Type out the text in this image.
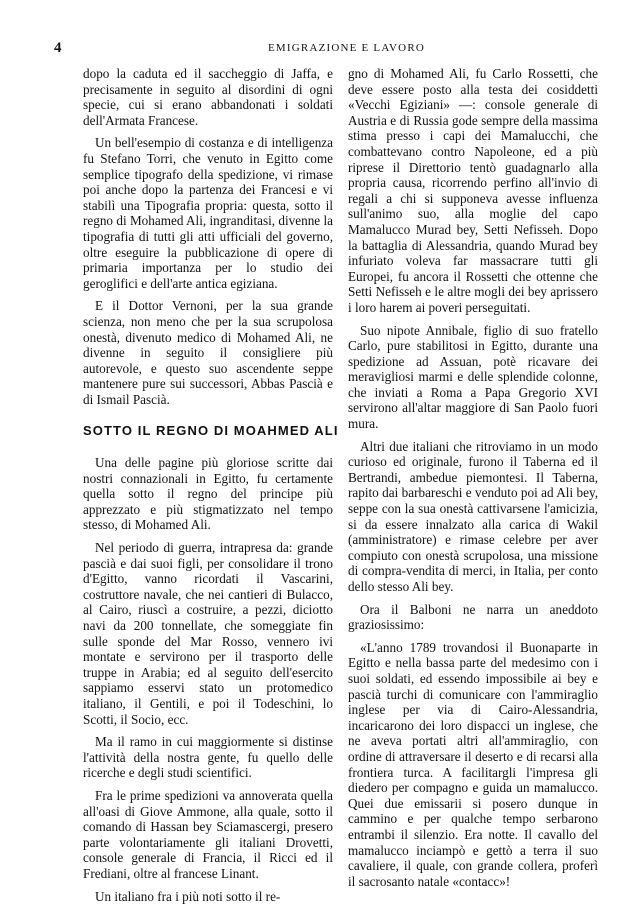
4	EMIGRAZIONE E LAVORO

dopo la caduta ed il saccheggio di Jaffa, e precisamente in seguito al disordini di ogni specie, cui si erano abbandonati i soldati dell'Armata Francese.

Un bell'esempio di costanza e di intelligenza fu Stefano Torri, che venuto in Egitto come semplice tipografo della spedizione, vi rimase poi anche dopo la partenza dei Francesi e vi stabilì una Tipografia propria: questa, sotto il regno di Mohamed Ali, ingranditasi, divenne la tipografia di tutti gli atti ufficiali del governo, oltre eseguire la pubblicazione di opere di primaria importanza per lo studio dei geroglifici e dell'arte antica egiziana.

E il Dottor Vernoni, per la sua grande scienza, non meno che per la sua scrupolosa onestà, divenuto medico di Mohamed Ali, ne divenne in seguito il consigliere più autorevole, e questo suo ascendente seppe mantenere pure sui successori, Abbas Pascià e di Ismail Pascià.

SOTTO IL REGNO DI MOAHMED ALI

Una delle pagine più gloriose scritte dai nostri connazionali in Egitto, fu certamente quella sotto il regno del principe più apprezzato e più stigmatizzato nel tempo stesso, di Mohamed Ali.

Nel periodo di guerra, intrapresa da: grande pascià e dai suoi figli, per consolidare il trono d'Egitto, vanno ricordati il Vascarini, costruttore navale, che nei cantieri di Bulacco, al Cairo, riuscì a costruire, a pezzi, diciotto navi da 200 tonnellate, che someggiate fin sulle sponde del Mar Rosso, vennero ivi montate e servirono per il trasporto delle truppe in Arabia; ed al seguito dell'esercito sappiamo esservi stato un protomedico italiano, il Gentili, e poi il Todeschini, lo Scotti, il Socio, ecc.

Ma il ramo in cui maggiormente si distinse l'attività della nostra gente, fu quello delle ricerche e degli studi scientifici.

Fra le prime spedizioni va annoverata quella all'oasi di Giove Ammone, alla quale, sotto il comando di Hassan bey Sciamascergi, presero parte volontariamente gli italiani Drovetti, console generale di Francia, il Ricci ed il Frediani, oltre al francese Linant.

Un italiano fra i più noti sotto il re-

gno di Mohamed Ali, fu Carlo Rossetti, che deve essere posto alla testa dei cosiddetti «Vecchi Egiziani» —: console generale di Austria e di Russia gode sempre della massima stima presso i capi dei Mamalucchi, che combattevano contro Napoleone, ed a più riprese il Direttorio tentò guadagnarlo alla propria causa, ricorrendo perfino all'invio di regali a chi si supponeva avesse influenza sull'animo suo, alla moglie del capo Mamalucco Murad bey, Setti Nefisseh. Dopo la battaglia di Alessandria, quando Murad bey infuriato voleva far massacrare tutti gli Europei, fu ancora il Rossetti che ottenne che Setti Nefisseh e le altre mogli dei bey aprissero i loro harem ai poveri perseguitati.

Suo nipote Annibale, figlio di suo fratello Carlo, pure stabilitosi in Egitto, durante una spedizione ad Assuan, potè ricavare dei meravigliosi marmi e delle splendide colonne, che inviati a Roma a Papa Gregorio XVI servirono all'altar maggiore di San Paolo fuori mura.

Altri due italiani che ritroviamo in un modo curioso ed originale, furono il Taberna ed il Bertrandi, ambedue piemontesi. Il Taberna, rapito dai barbareschi e venduto poi ad Ali bey, seppe con la sua onestà cattivarsene l'amicizia, si da essere innalzato alla carica di Wakil (amministratore) e rimase celebre per aver compiuto con onestà scrupolosa, una missione di compra-vendita di merci, in Italia, per conto dello stesso Ali bey.

Ora il Balboni ne narra un aneddoto graziosissimo:

«L'anno 1789 trovandosi il Buonaparte in Egitto e nella bassa parte del medesimo con i suoi soldati, ed essendo impossibile ai bey e pascià turchi di comunicare con l'ammiraglio inglese per via di Cairo-Alessandria, incaricarono dei loro dispacci un inglese, che ne aveva portati altri all'ammiraglio, con ordine di attraversare il deserto e di recarsi alla frontiera turca. A facilitargli l'impresa gli diedero per compagno e guida un mamalucco. Quei due emissarii si posero dunque in cammino e per qualche tempo serbarono entrambi il silenzio. Era notte. Il cavallo del mamalucco inciampò e gettò a terra il suo cavaliere, il quale, con grande collera, proferì il sacrosanto natale «contacc»!
